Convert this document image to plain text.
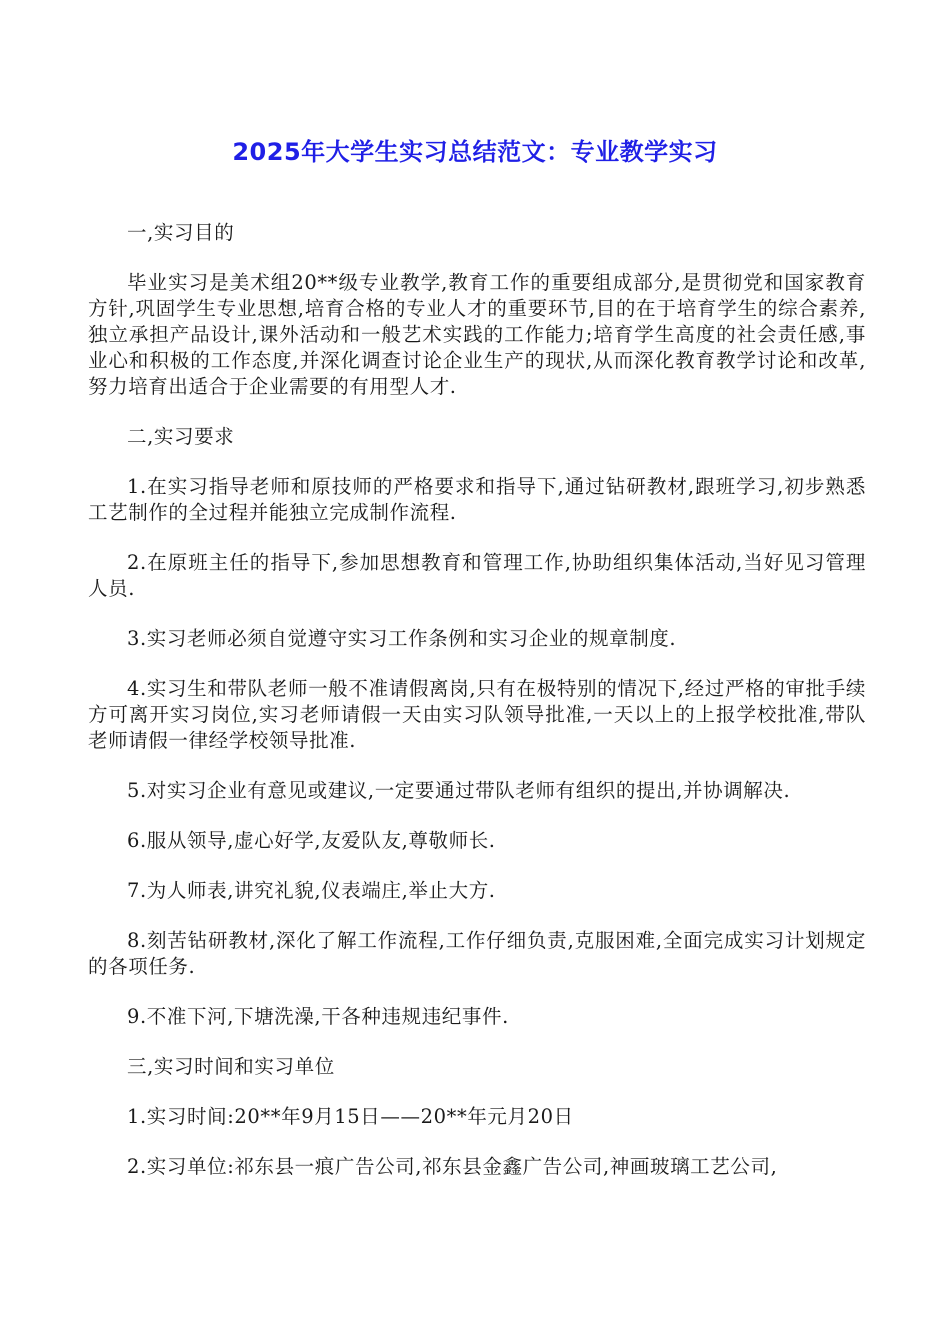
2025年大学生实习总结范文：专业教学实习

一,实习目的

毕业实习是美术组20**级专业教学,教育工作的重要组成部分,是贯彻党和国家教育方针,巩固学生专业思想,培育合格的专业人才的重要环节,目的在于培育学生的综合素养,独立承担产品设计,课外活动和一般艺术实践的工作能力;培育学生高度的社会责任感,事业心和积极的工作态度,并深化调查讨论企业生产的现状,从而深化教育教学讨论和改革,努力培育出适合于企业需要的有用型人才.

二,实习要求

1.在实习指导老师和原技师的严格要求和指导下,通过钻研教材,跟班学习,初步熟悉工艺制作的全过程并能独立完成制作流程.

2.在原班主任的指导下,参加思想教育和管理工作,协助组织集体活动,当好见习管理人员.

3.实习老师必须自觉遵守实习工作条例和实习企业的规章制度.

4.实习生和带队老师一般不准请假离岗,只有在极特别的情况下,经过严格的审批手续方可离开实习岗位,实习老师请假一天由实习队领导批准,一天以上的上报学校批准,带队老师请假一律经学校领导批准.

5.对实习企业有意见或建议,一定要通过带队老师有组织的提出,并协调解决.

6.服从领导,虚心好学,友爱队友,尊敬师长.

7.为人师表,讲究礼貌,仪表端庄,举止大方.

8.刻苦钻研教材,深化了解工作流程,工作仔细负责,克服困难,全面完成实习计划规定的各项任务.

9.不准下河,下塘洗澡,干各种违规违纪事件.

三,实习时间和实习单位

1.实习时间:20**年9月15日——20**年元月20日

2.实习单位:祁东县一痕广告公司,祁东县金鑫广告公司,神画玻璃工艺公司,
